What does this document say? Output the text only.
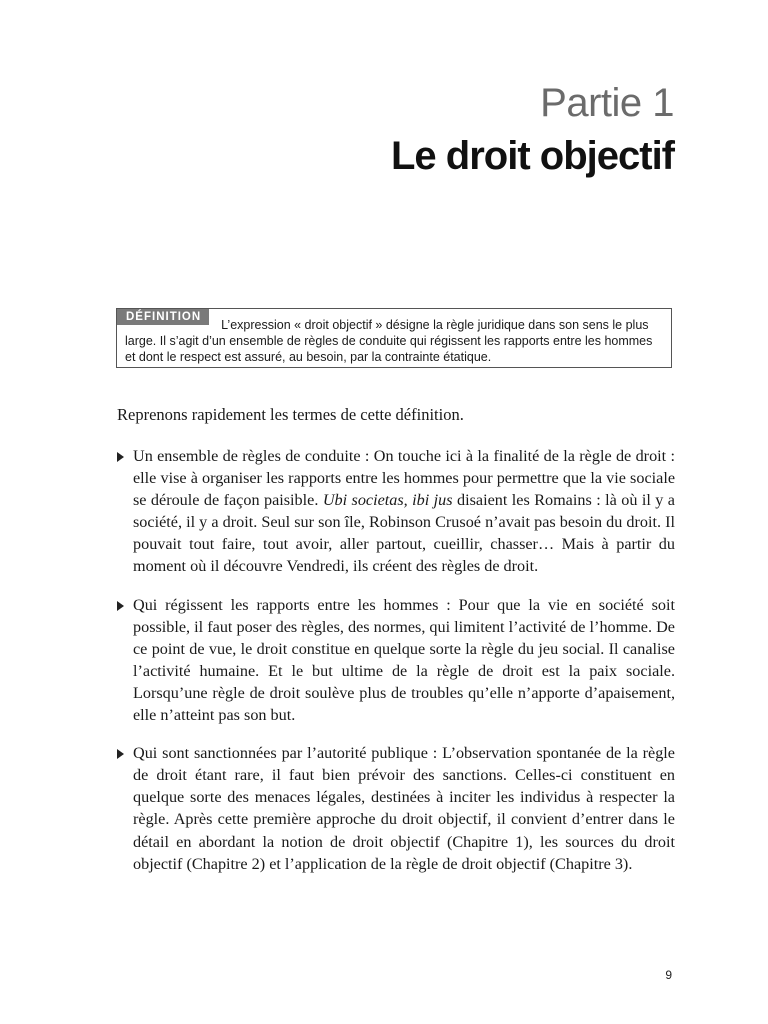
Partie 1
Le droit objectif
DÉFINITION

L’expression « droit objectif » désigne la règle juridique dans son sens le plus large. Il s’agit d’un ensemble de règles de conduite qui régissent les rapports entre les hommes et dont le respect est assuré, au besoin, par la contrainte étatique.

Reprenons rapidement les termes de cette définition.

Un ensemble de règles de conduite : On touche ici à la finalité de la règle de droit : elle vise à organiser les rapports entre les hommes pour permettre que la vie sociale se déroule de façon paisible. Ubi societas, ibi jus disaient les Romains : là où il y a société, il y a droit. Seul sur son île, Robinson Crusoé n’avait pas besoin du droit. Il pouvait tout faire, tout avoir, aller partout, cueillir, chasser… Mais à partir du moment où il découvre Vendredi, ils créent des règles de droit.
Qui régissent les rapports entre les hommes : Pour que la vie en société soit possible, il faut poser des règles, des normes, qui limitent l’activité de l’homme. De ce point de vue, le droit constitue en quelque sorte la règle du jeu social. Il canalise l’activité humaine. Et le but ultime de la règle de droit est la paix sociale. Lorsqu’une règle de droit soulève plus de troubles qu’elle n’apporte d’apaisement, elle n’atteint pas son but.
Qui sont sanctionnées par l’autorité publique : L’observation spontanée de la règle de droit étant rare, il faut bien prévoir des sanctions. Celles-ci constituent en quelque sorte des menaces légales, destinées à inciter les individus à respecter la règle. Après cette première approche du droit objectif, il convient d’entrer dans le détail en abordant la notion de droit objectif (Chapitre 1), les sources du droit objectif (Chapitre 2) et l’application de la règle de droit objectif (Chapitre 3).
9
